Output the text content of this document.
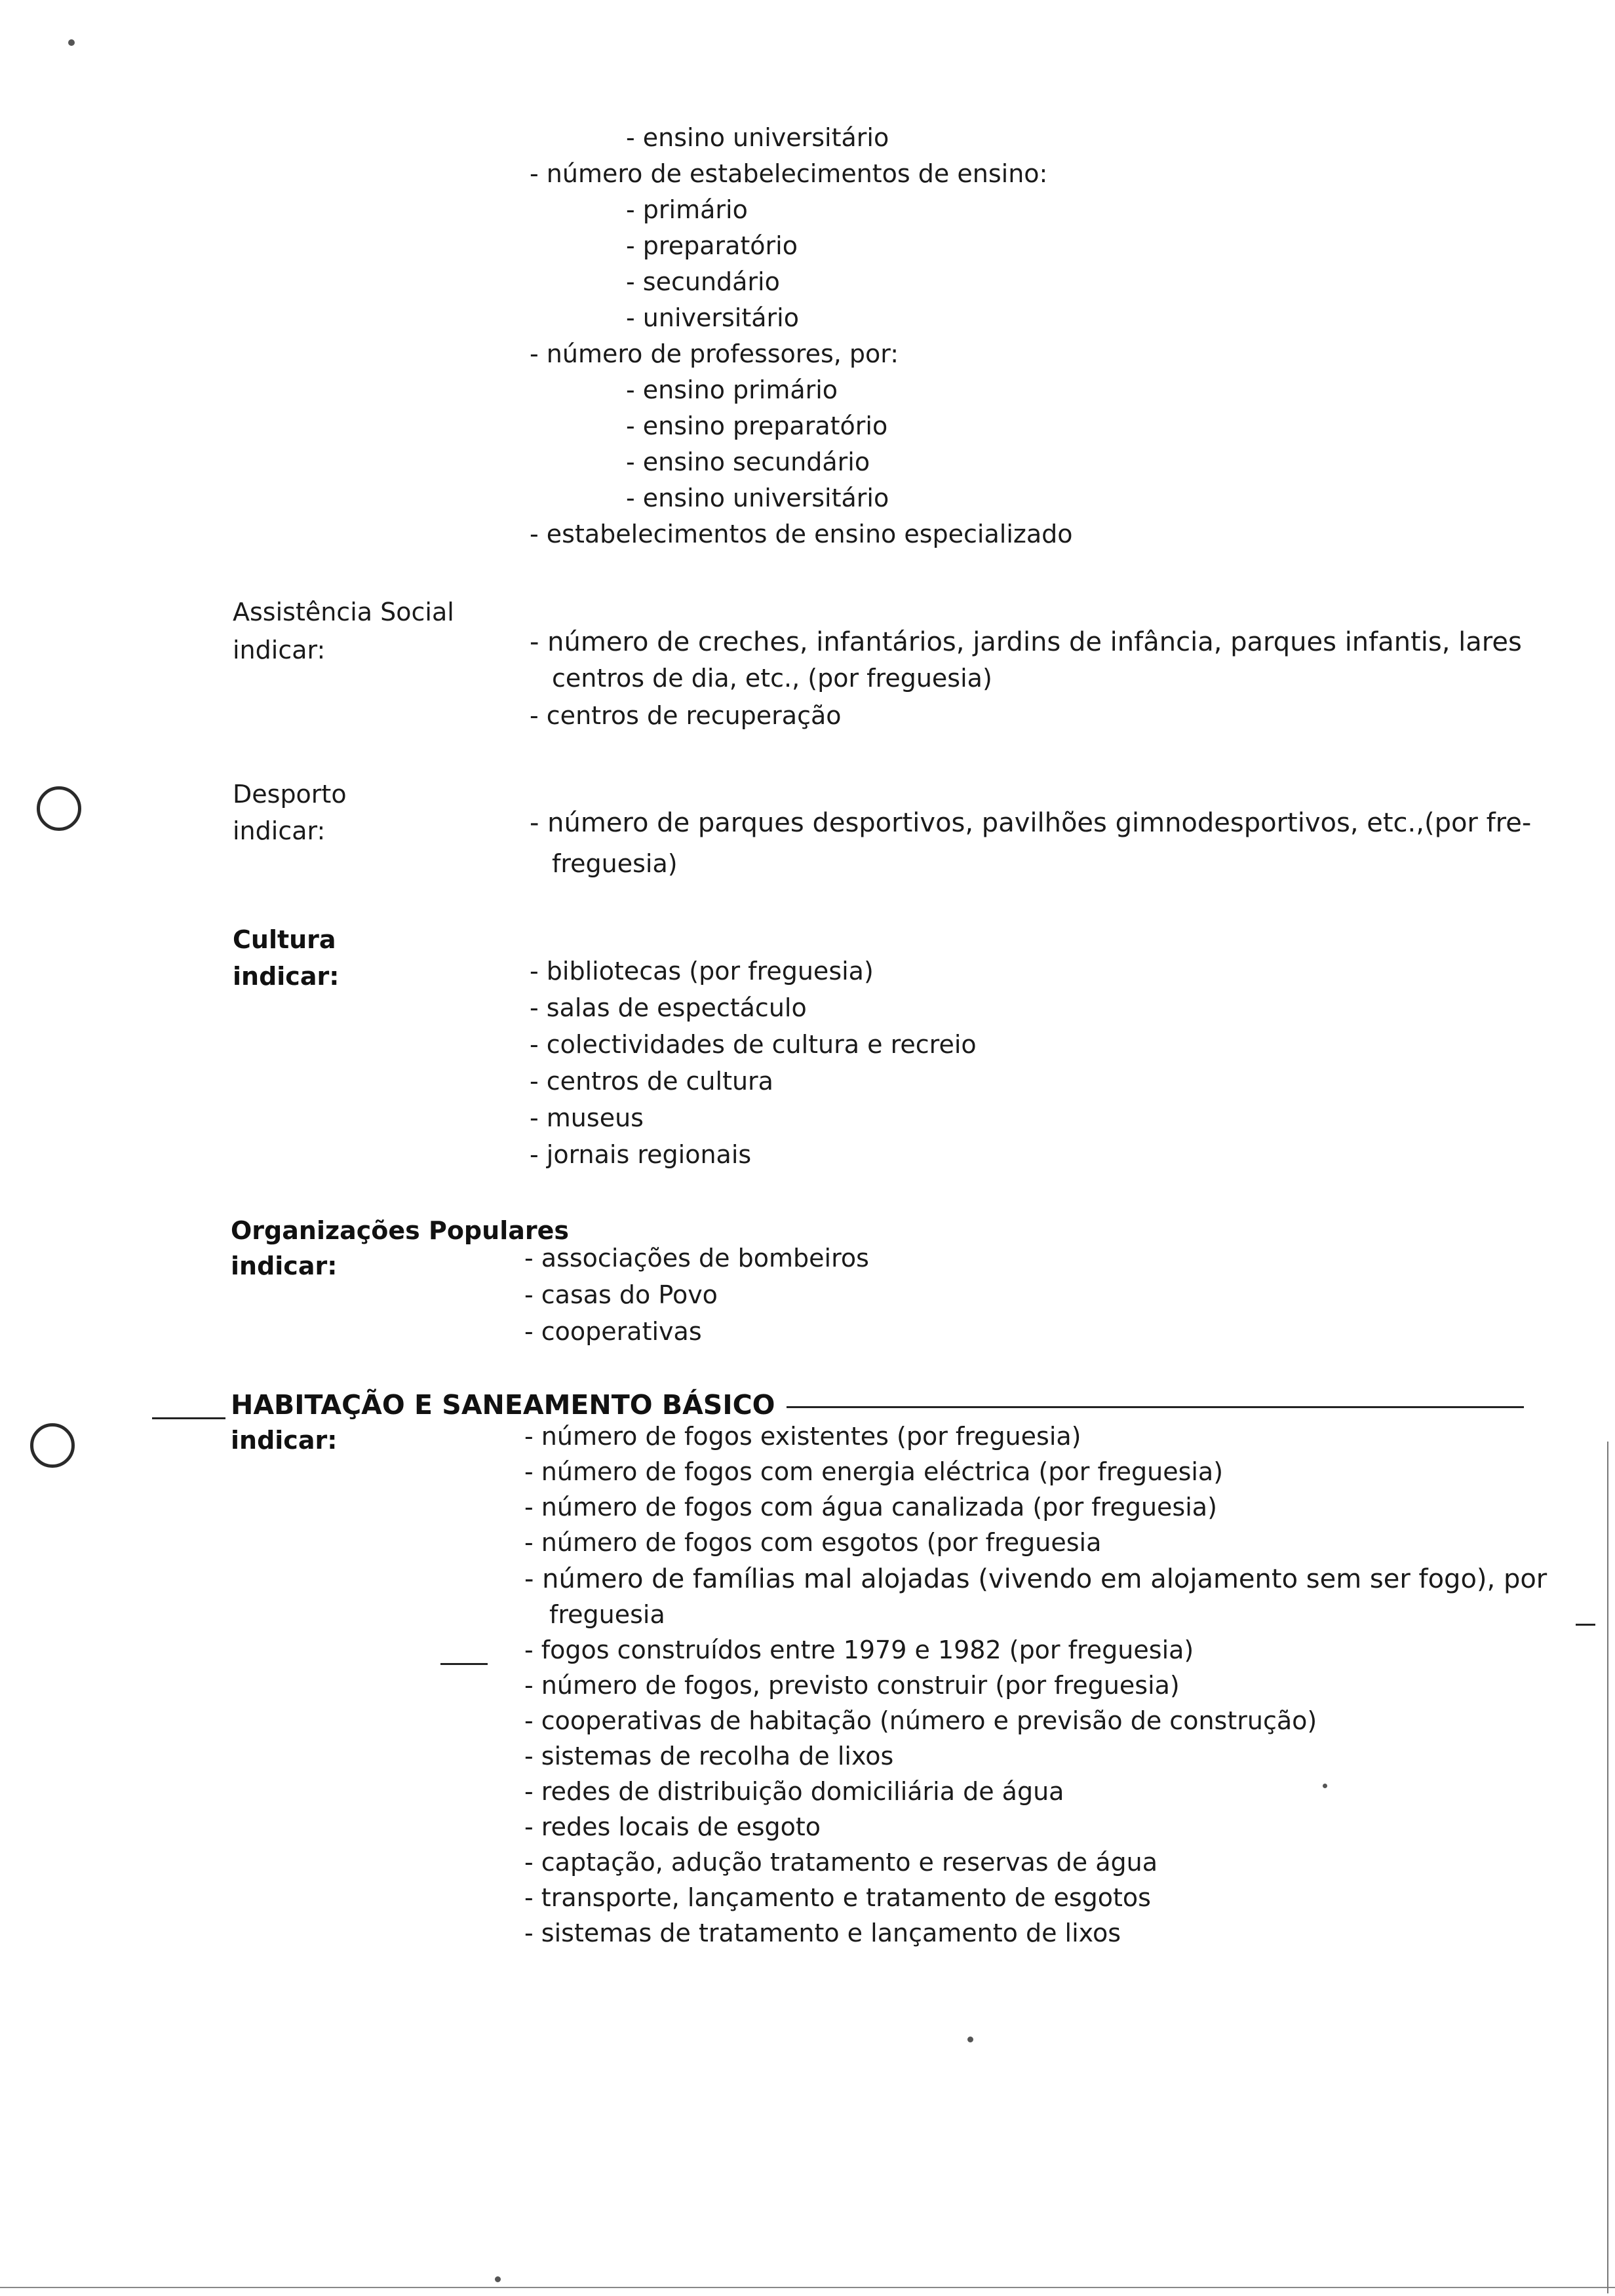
- ensino universitário
- número de estabelecimentos de ensino:
- primário
- preparatório
- secundário
- universitário
- número de professores, por:
- ensino primário
- ensino preparatório
- ensino secundário
- ensino universitário
- estabelecimentos de ensino especializado
Assistência Social
indicar:	- número de creches, infantários, jardins de infância, parques infantis, lares
centros de dia, etc., (por freguesia)
- centros de recuperação
Desporto
indicar:	- número de parques desportivos, pavilhões gimnodesportivos, etc.,(por fre-
freguesia)
Cultura
indicar:	- bibliotecas (por freguesia)
- salas de espectáculo
- colectividades de cultura e recreio
- centros de cultura
- museus
- jornais regionais
Organizações Populares
indicar:	- associações de bombeiros
- casas do Povo
- cooperativas
HABITAÇÃO E SANEAMENTO BÁSICO
indicar:	- número de fogos existentes (por freguesia)
- número de fogos com energia eléctrica (por freguesia)
- número de fogos com água canalizada (por freguesia)
- número de fogos com esgotos (por freguesia
- número de famílias mal alojadas (vivendo em alojamento sem ser fogo), por
freguesia
- fogos construídos entre 1979 e 1982 (por freguesia)
- número de fogos, previsto construir (por freguesia)
- cooperativas de habitação (número e previsão de construção)
- sistemas de recolha de lixos
- redes de distribuição domiciliária de água
- redes locais de esgoto
- captação, adução tratamento e reservas de água
- transporte, lançamento e tratamento de esgotos
- sistemas de tratamento e lançamento de lixos
